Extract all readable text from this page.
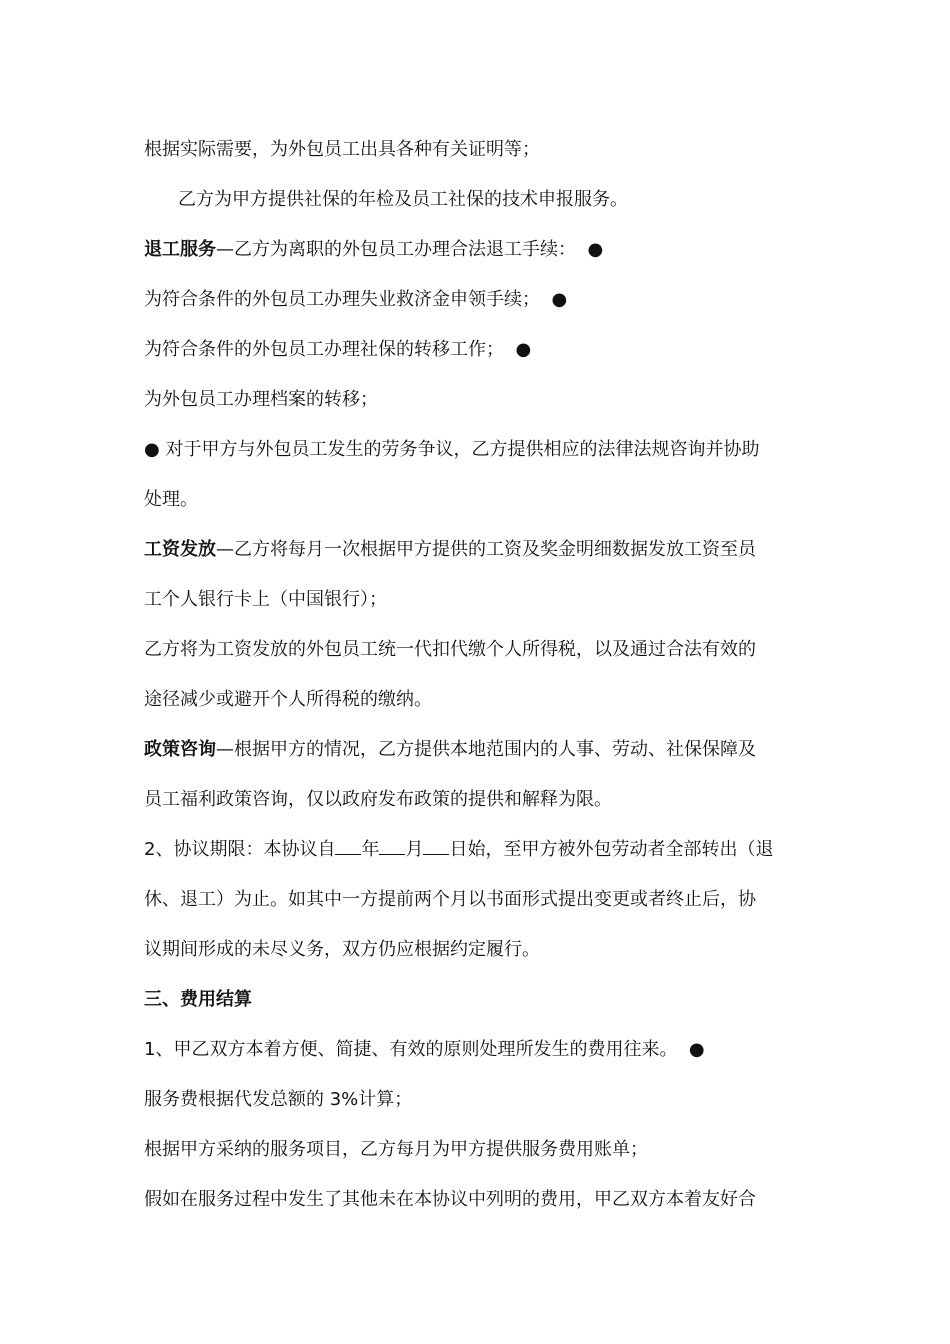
根据实际需要，为外包员工出具各种有关证明等；
乙方为甲方提供社保的年检及员工社保的技术申报服务。
退工服务—乙方为离职的外包员工办理合法退工手续： ●
为符合条件的外包员工办理失业救济金申领手续； ●
为符合条件的外包员工办理社保的转移工作； ●
为外包员工办理档案的转移；
● 对于甲方与外包员工发生的劳务争议，乙方提供相应的法律法规咨询并协助
处理。
工资发放—乙方将每月一次根据甲方提供的工资及奖金明细数据发放工资至员
工个人银行卡上（中国银行）；
乙方将为工资发放的外包员工统一代扣代缴个人所得税，以及通过合法有效的
途径减少或避开个人所得税的缴纳。
政策咨询—根据甲方的情况，乙方提供本地范围内的人事、劳动、社保保障及
员工福利政策咨询，仅以政府发布政策的提供和解释为限。
2、协议期限：本协议自 年 月 日始，至甲方被外包劳动者全部转出（退
休、退工）为止。如其中一方提前两个月以书面形式提出变更或者终止后，协
议期间形成的未尽义务，双方仍应根据约定履行。
三、费用结算
1、甲乙双方本着方便、简捷、有效的原则处理所发生的费用往来。 ●
服务费根据代发总额的 3%计算；
根据甲方采纳的服务项目，乙方每月为甲方提供服务费用账单；
假如在服务过程中发生了其他未在本协议中列明的费用，甲乙双方本着友好合
